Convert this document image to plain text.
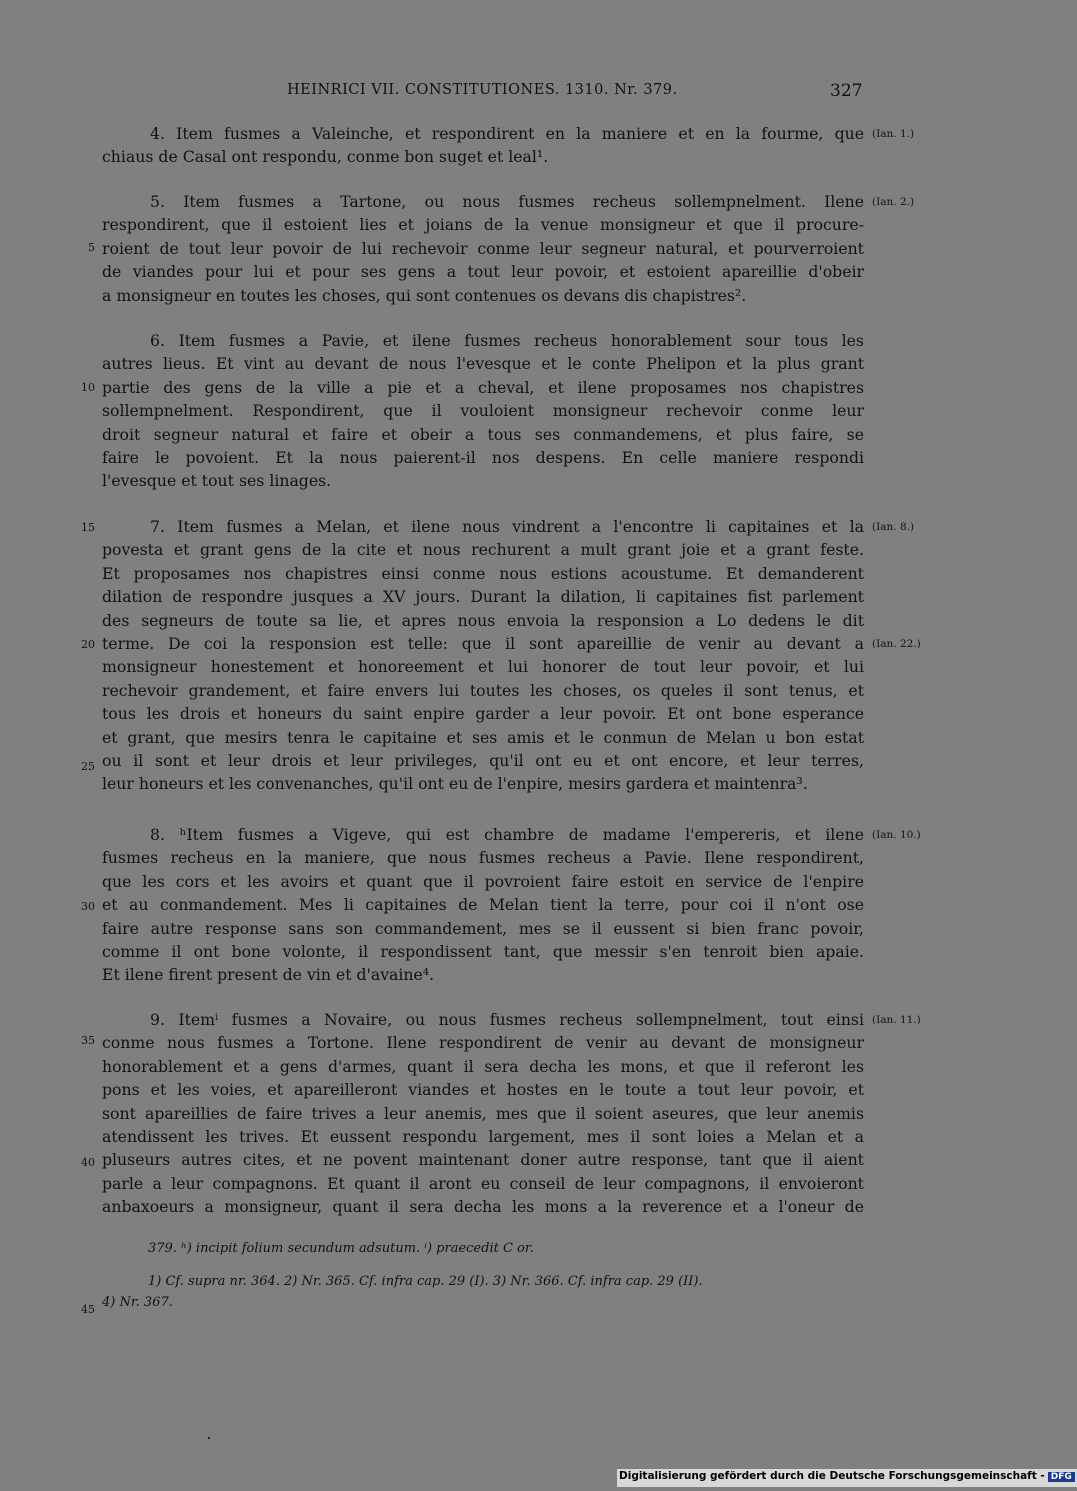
HEINRICI VII. CONSTITUTIONES. 1310. Nr. 379.	327
4. Item fusmes a Valeinche, et respondirent en la maniere et en la fourme, que
chiaus de Casal ont respondu, conme bon suget et leal¹.
(Ian. 1.)
5. Item fusmes a Tartone, ou nous fusmes recheus sollempnelment. Ilene
respondirent, que il estoient lies et joians de la venue monsigneur et que il procure-
roient de tout leur povoir de lui rechevoir conme leur segneur natural, et pourverroient
de viandes pour lui et pour ses gens a tout leur povoir, et estoient apareillie d'obeir
a monsigneur en toutes les choses, qui sont contenues os devans dis chapistres².
(Ian. 2.)
6. Item fusmes a Pavie, et ilene fusmes recheus honorablement sour tous les
autres lieus. Et vint au devant de nous l'evesque et le conte Phelipon et la plus grant
partie des gens de la ville a pie et a cheval, et ilene proposames nos chapistres
sollempnelment. Respondirent, que il vouloient monsigneur rechevoir conme leur
droit segneur natural et faire et obeir a tous ses conmandemens, et plus faire, se
faire le povoient. Et la nous paierent-il nos despens. En celle maniere respondi
l'evesque et tout ses linages.
7. Item fusmes a Melan, et ilene nous vindrent a l'encontre li capitaines et la
povesta et grant gens de la cite et nous rechurent a mult grant joie et a grant feste.
Et proposames nos chapistres einsi conme nous estions acoustume. Et demanderent
dilation de respondre jusques a XV jours. Durant la dilation, li capitaines fist parlement
des segneurs de toute sa lie, et apres nous envoia la responsion a Lo dedens le dit
terme. De coi la responsion est telle: que il sont apareillie de venir au devant a
monsigneur honestement et honoreement et lui honorer de tout leur povoir, et lui
rechevoir grandement, et faire envers lui toutes les choses, os queles il sont tenus, et
tous les drois et honeurs du saint enpire garder a leur povoir. Et ont bone esperance
et grant, que mesirs tenra le capitaine et ses amis et le conmun de Melan u bon estat
ou il sont et leur drois et leur privileges, qu'il ont eu et ont encore, et leur terres,
leur honeurs et les convenanches, qu'il ont eu de l'enpire, mesirs gardera et maintenra³.
(Ian. 8.)
(Ian. 22.)
8. ʰItem fusmes a Vigeve, qui est chambre de madame l'empereris, et ilene
fusmes recheus en la maniere, que nous fusmes recheus a Pavie. Ilene respondirent,
que les cors et les avoirs et quant que il povroient faire estoit en service de l'enpire
et au conmandement. Mes li capitaines de Melan tient la terre, pour coi il n'ont ose
faire autre response sans son commandement, mes se il eussent si bien franc povoir,
comme il ont bone volonte, il respondissent tant, que messir s'en tenroit bien apaie.
Et ilene firent present de vin et d'avaine⁴.
(Ian. 10.)
9. Itemⁱ fusmes a Novaire, ou nous fusmes recheus sollempnelment, tout einsi
conme nous fusmes a Tortone. Ilene respondirent de venir au devant de monsigneur
honorablement et a gens d'armes, quant il sera decha les mons, et que il referont les
pons et les voies, et apareilleront viandes et hostes en le toute a tout leur povoir, et
sont apareillies de faire trives a leur anemis, mes que il soient aseures, que leur anemis
atendissent les trives. Et eussent respondu largement, mes il sont loies a Melan et a
pluseurs autres cites, et ne povent maintenant doner autre response, tant que il aient
parle a leur compagnons. Et quant il aront eu conseil de leur compagnons, il envoieront
anbaxoeurs a monsigneur, quant il sera decha les mons a la reverence et a l'oneur de
(Ian. 11.)
5
10
15
20
25
30
35
40
45
379. ʰ) incipit folium secundum adsutum. ⁱ) praecedit C or.
1) Cf. supra nr. 364. 2) Nr. 365. Cf. infra cap. 29 (I). 3) Nr. 366. Cf. infra cap. 29 (II).
4) Nr. 367.
Digitalisierung gefördert durch die Deutsche Forschungsgemeinschaft - DFG
